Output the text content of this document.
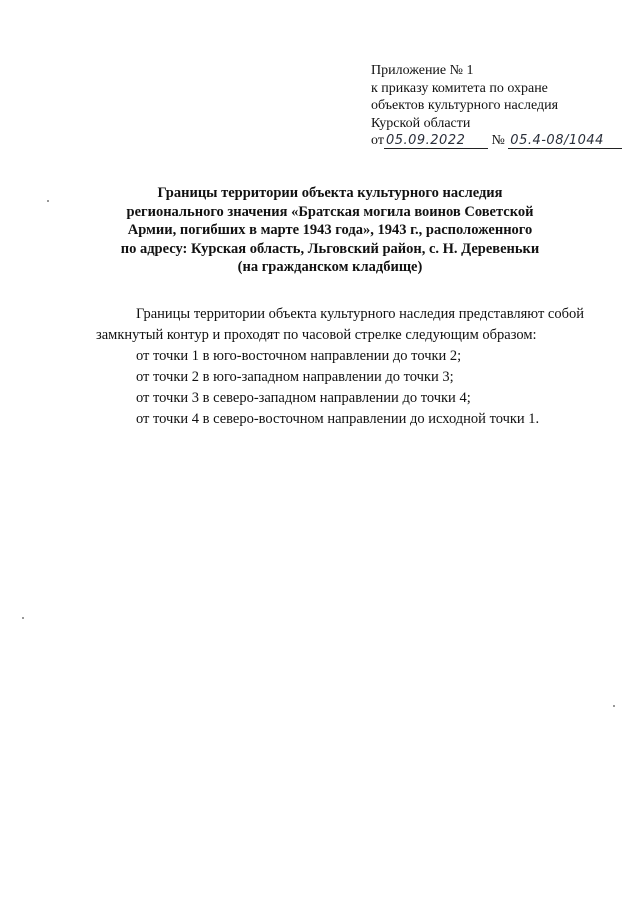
Приложение № 1
к приказу комитета по охране
объектов культурного наследия
Курской области
от 05.09.2022 № 05.4-08/1044
Границы территории объекта культурного наследия
регионального значения «Братская могила воинов Советской
Армии, погибших в марте 1943 года», 1943 г., расположенного
по адресу: Курская область, Льговский район, с. Н. Деревеньки
(на гражданском кладбище)
Границы территории объекта культурного наследия представляют собой замкнутый контур и проходят по часовой стрелке следующим образом:
от точки 1 в юго-восточном направлении до точки 2;
от точки 2 в юго-западном направлении до точки 3;
от точки 3 в северо-западном направлении до точки 4;
от точки 4 в северо-восточном направлении до исходной точки 1.
